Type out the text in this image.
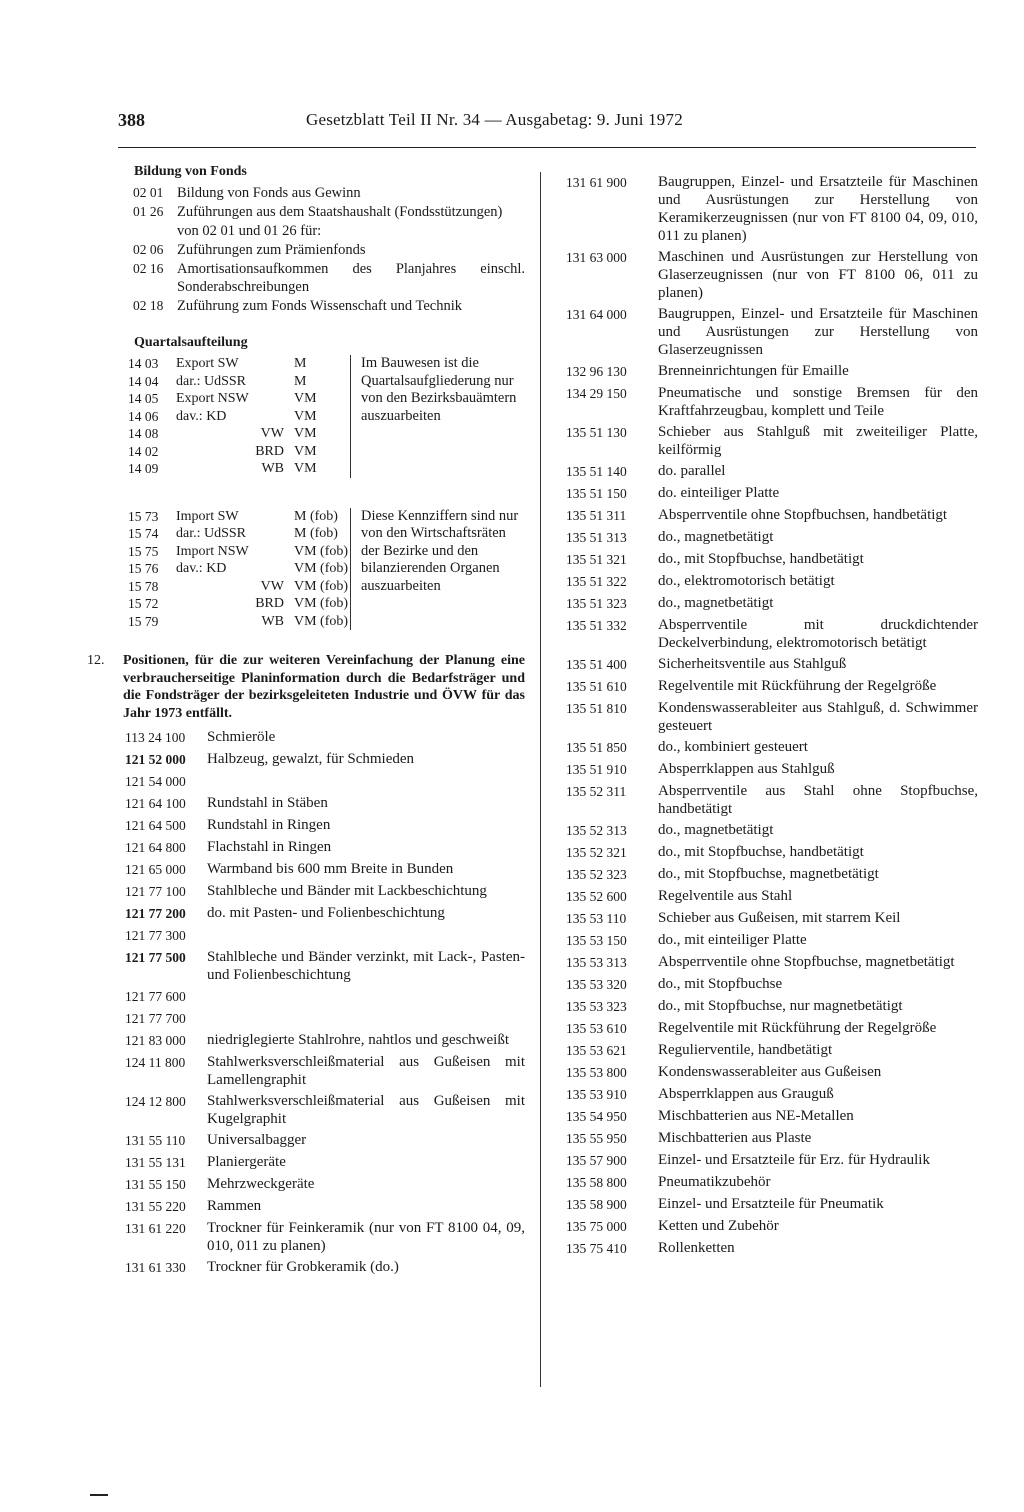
388	Gesetzblatt Teil II Nr. 34 — Ausgabetag: 9. Juni 1972
Bildung von Fonds
02 01 Bildung von Fonds aus Gewinn
01 26 Zuführungen aus dem Staatshaushalt (Fondsstützungen)
von 02 01 und 01 26 für:
02 06 Zuführungen zum Prämienfonds
02 16 Amortisationsaufkommen des Planjahres einschl. Sonderabschreibungen
02 18 Zuführung zum Fonds Wissenschaft und Technik
Quartalsaufteilung
14 03	Export SW	M
14 04	dar.: UdSSR	M
14 05	Export NSW	VM
14 06	dav.: KD	VM
14 08	VW VM
14 02	BRD VM
14 09	WB VM
Im Bauwesen ist die Quartalsaufgliederung nur von den Bezirksbauämtern auszuarbeiten
15 73	Import SW	M (fob)
15 74	dar.: UdSSR	M (fob)
15 75	Import NSW	VM (fob)
15 76	dav.: KD	VM (fob)
15 78	VW VM (fob)
15 72	BRD VM (fob)
15 79	WB VM (fob)
Diese Kennziffern sind nur von den Wirtschaftsräten der Bezirke und den bilanzierenden Organen auszuarbeiten
12.	Positionen, für die zur weiteren Vereinfachung der Planung eine verbraucherseitige Planinformation durch die Bedarfsträger und die Fondsträger der bezirksgeleiteten Industrie und ÖVW für das Jahr 1973 entfällt.
113 24 100	Schmieröle
121 52 000	Halbzeug, gewalzt, für Schmieden
121 54 000
121 64 100	Rundstahl in Stäben
121 64 500	Rundstahl in Ringen
121 64 800	Flachstahl in Ringen
121 65 000	Warmband bis 600 mm Breite in Bunden
121 77 100	Stahlbleche und Bänder mit Lackbeschichtung
121 77 200	do. mit Pasten- und Folienbeschichtung
121 77 300
121 77 500	Stahlbleche und Bänder verzinkt, mit Lack-, Pasten- und Folienbeschichtung
121 77 600
121 77 700
121 83 000	niedriglegierte Stahlrohre, nahtlos und geschweißt
124 11 800	Stahlwerksverschleißmaterial aus Gußeisen mit Lamellengraphit
124 12 800	Stahlwerksverschleißmaterial aus Gußeisen mit Kugelgraphit
131 55 110	Universalbagger
131 55 131	Planiergeräte
131 55 150	Mehrzweckgeräte
131 55 220	Rammen
131 61 220	Trockner für Feinkeramik (nur von FT 8100 04, 09, 010, 011 zu planen)
131 61 330	Trockner für Grobkeramik (do.)
131 61 900	Baugruppen, Einzel- und Ersatzteile für Maschinen und Ausrüstungen zur Herstellung von Keramikerzeugnissen (nur von FT 8100 04, 09, 010, 011 zu planen)
131 63 000	Maschinen und Ausrüstungen zur Herstellung von Glaserzeugnissen (nur von FT 8100 06, 011 zu planen)
131 64 000	Baugruppen, Einzel- und Ersatzteile für Maschinen und Ausrüstungen zur Herstellung von Glaserzeugnissen
132 96 130	Brenneinrichtungen für Emaille
134 29 150	Pneumatische und sonstige Bremsen für den Kraftfahrzeugbau, komplett und Teile
135 51 130	Schieber aus Stahlguß mit zweiteiliger Platte, keilförmig
135 51 140	do. parallel
135 51 150	do. einteiliger Platte
135 51 311	Absperrventile ohne Stopfbuchsen, handbetätigt
135 51 313	do., magnetbetätigt
135 51 321	do., mit Stopfbuchse, handbetätigt
135 51 322	do., elektromotorisch betätigt
135 51 323	do., magnetbetätigt
135 51 332	Absperrventile mit druckdichtender Deckelverbindung, elektromotorisch betätigt
135 51 400	Sicherheitsventile aus Stahlguß
135 51 610	Regelventile mit Rückführung der Regelgröße
135 51 810	Kondenswasserableiter aus Stahlguß, d. Schwimmer gesteuert
135 51 850	do., kombiniert gesteuert
135 51 910	Absperrklappen aus Stahlguß
135 52 311	Absperrventile aus Stahl ohne Stopfbuchse, handbetätigt
135 52 313	do., magnetbetätigt
135 52 321	do., mit Stopfbuchse, handbetätigt
135 52 323	do., mit Stopfbuchse, magnetbetätigt
135 52 600	Regelventile aus Stahl
135 53 110	Schieber aus Gußeisen, mit starrem Keil
135 53 150	do., mit einteiliger Platte
135 53 313	Absperrventile ohne Stopfbuchse, magnetbetätigt
135 53 320	do., mit Stopfbuchse
135 53 323	do., mit Stopfbuchse, nur magnetbetätigt
135 53 610	Regelventile mit Rückführung der Regelgröße
135 53 621	Regulierventile, handbetätigt
135 53 800	Kondenswasserableiter aus Gußeisen
135 53 910	Absperrklappen aus Grauguß
135 54 950	Mischbatterien aus NE-Metallen
135 55 950	Mischbatterien aus Plaste
135 57 900	Einzel- und Ersatzteile für Erz. für Hydraulik
135 58 800	Pneumatikzubehör
135 58 900	Einzel- und Ersatzteile für Pneumatik
135 75 000	Ketten und Zubehör
135 75 410	Rollenketten
